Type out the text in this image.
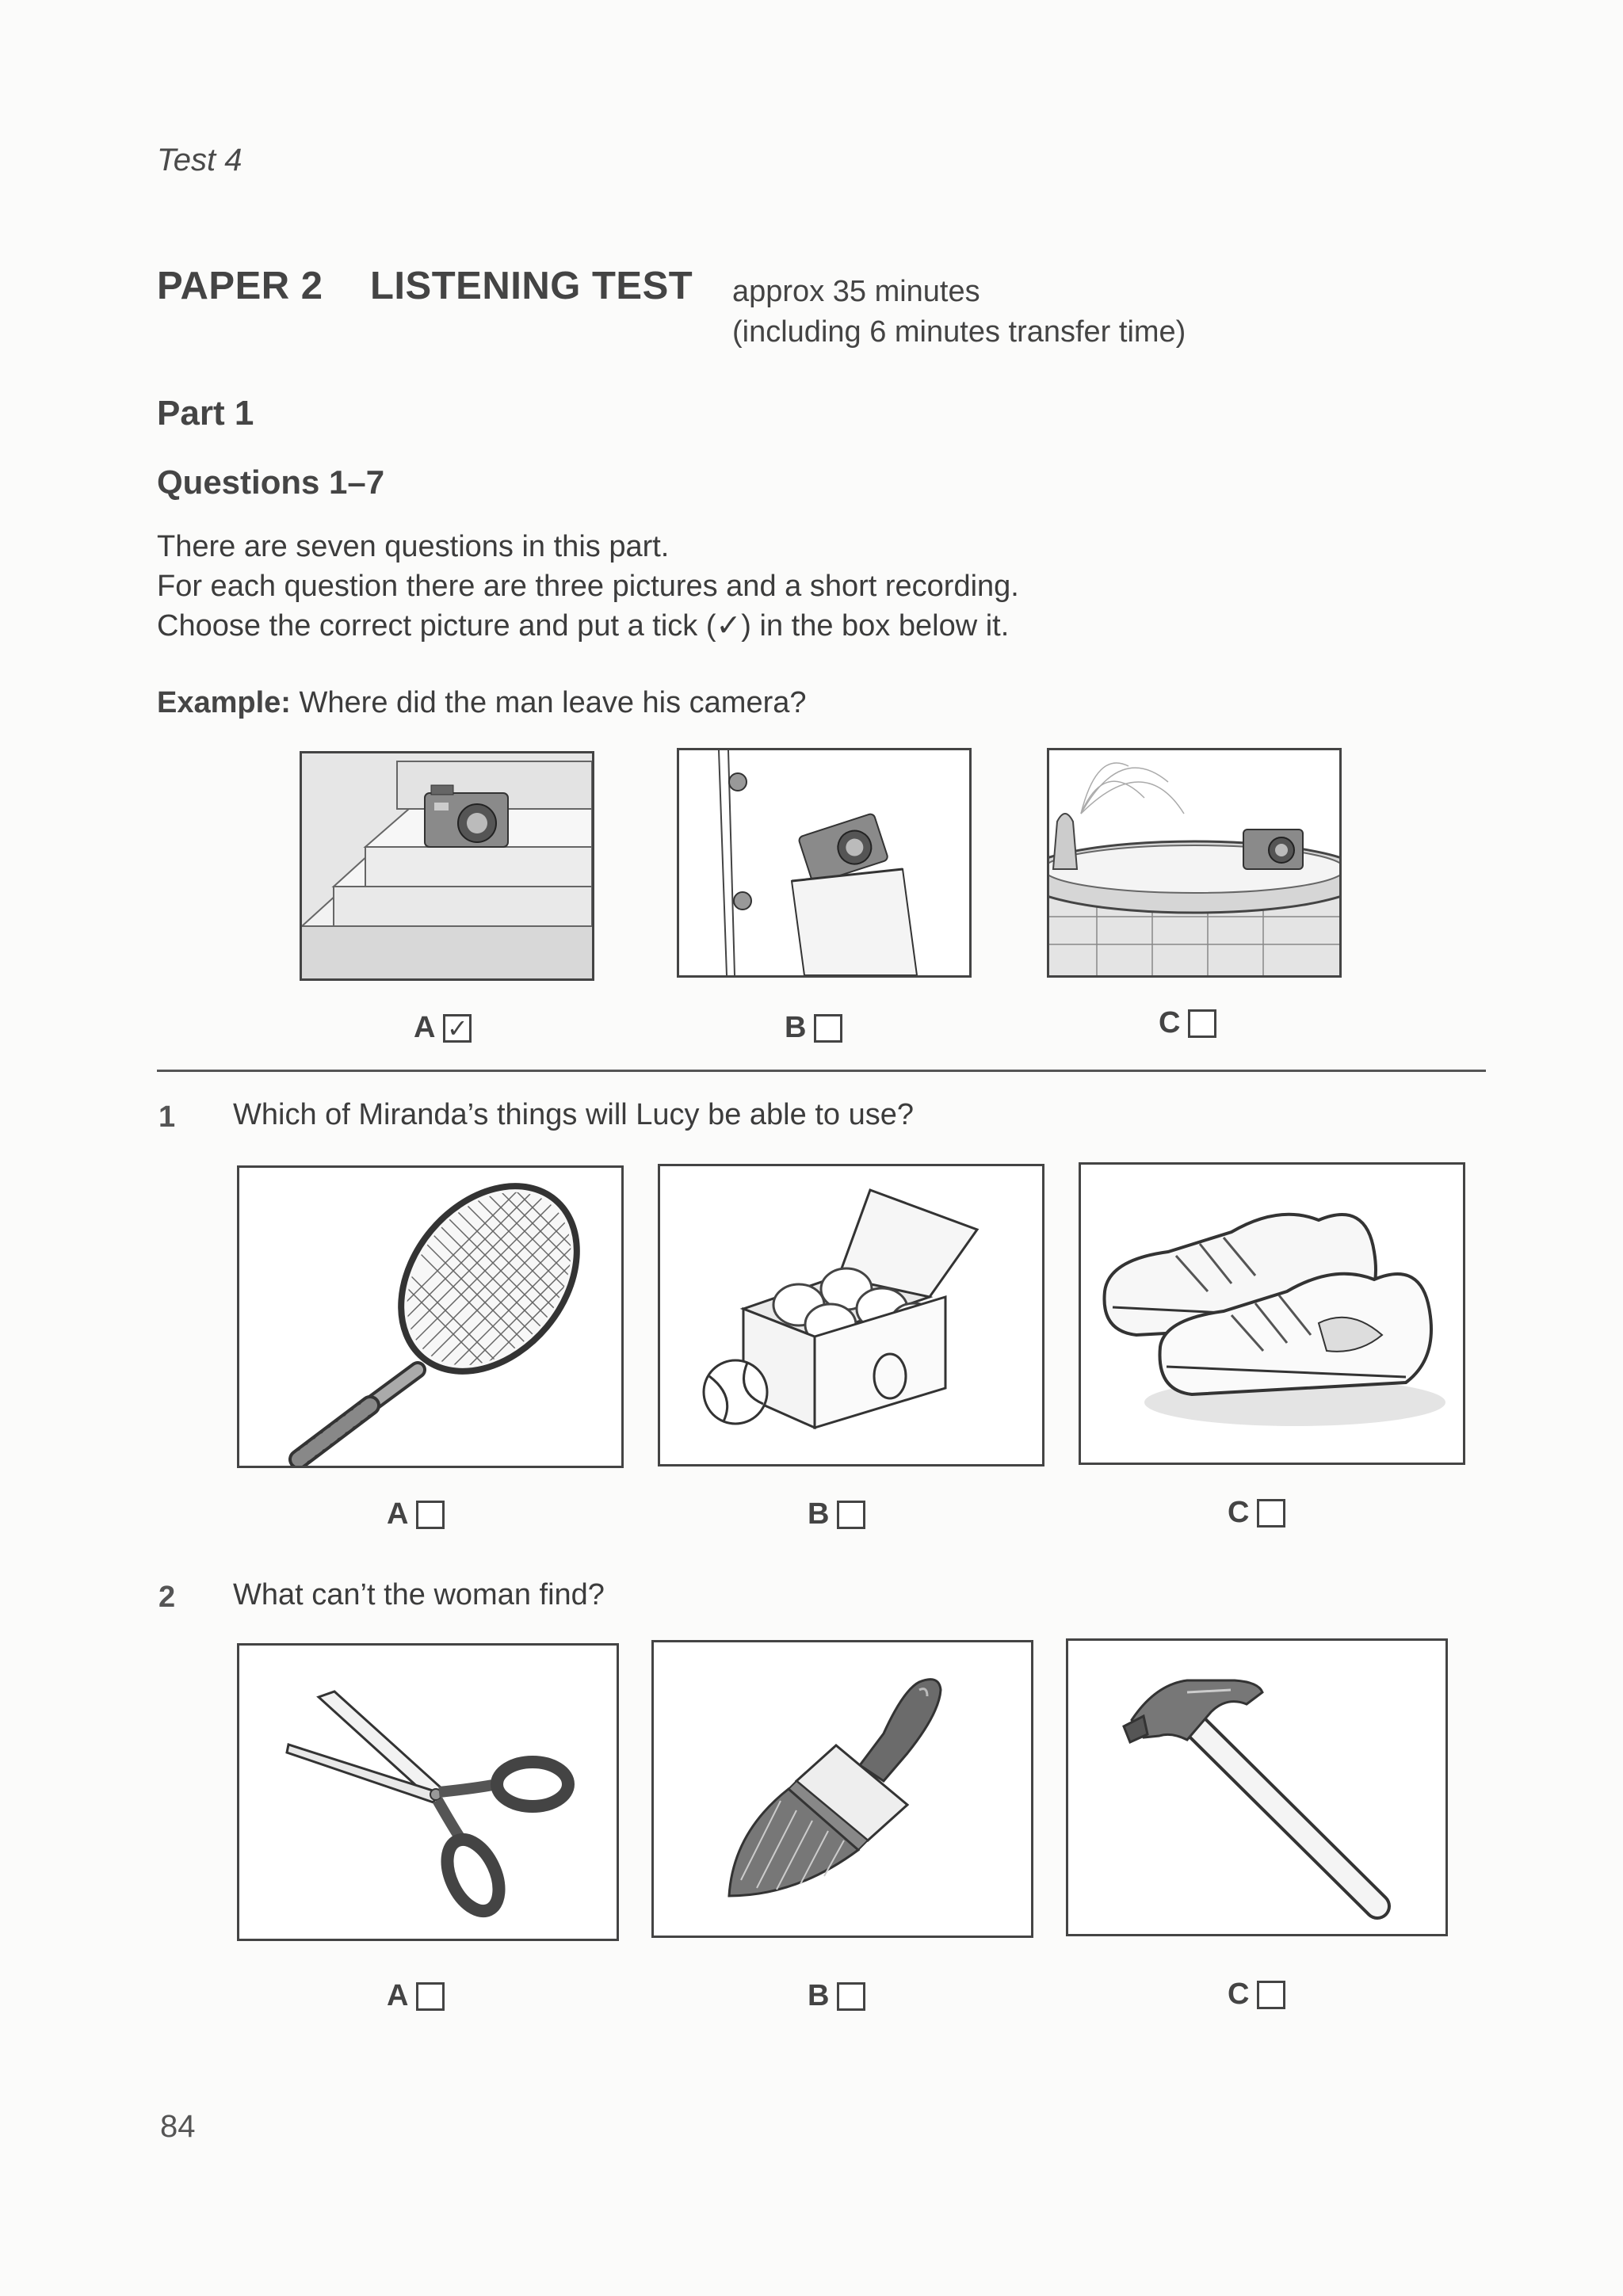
Test 4
PAPER 2 LISTENING TEST approx 35 minutes
(including 6 minutes transfer time)
Part 1
Questions 1–7
There are seven questions in this part.
For each question there are three pictures and a short recording.
Choose the correct picture and put a tick (✓) in the box below it.
Example: Where did the man leave his camera?
A ✓	B	C
1 Which of Miranda’s things will Lucy be able to use?
A	B	C
2 What can’t the woman find?
A	B	C
84
